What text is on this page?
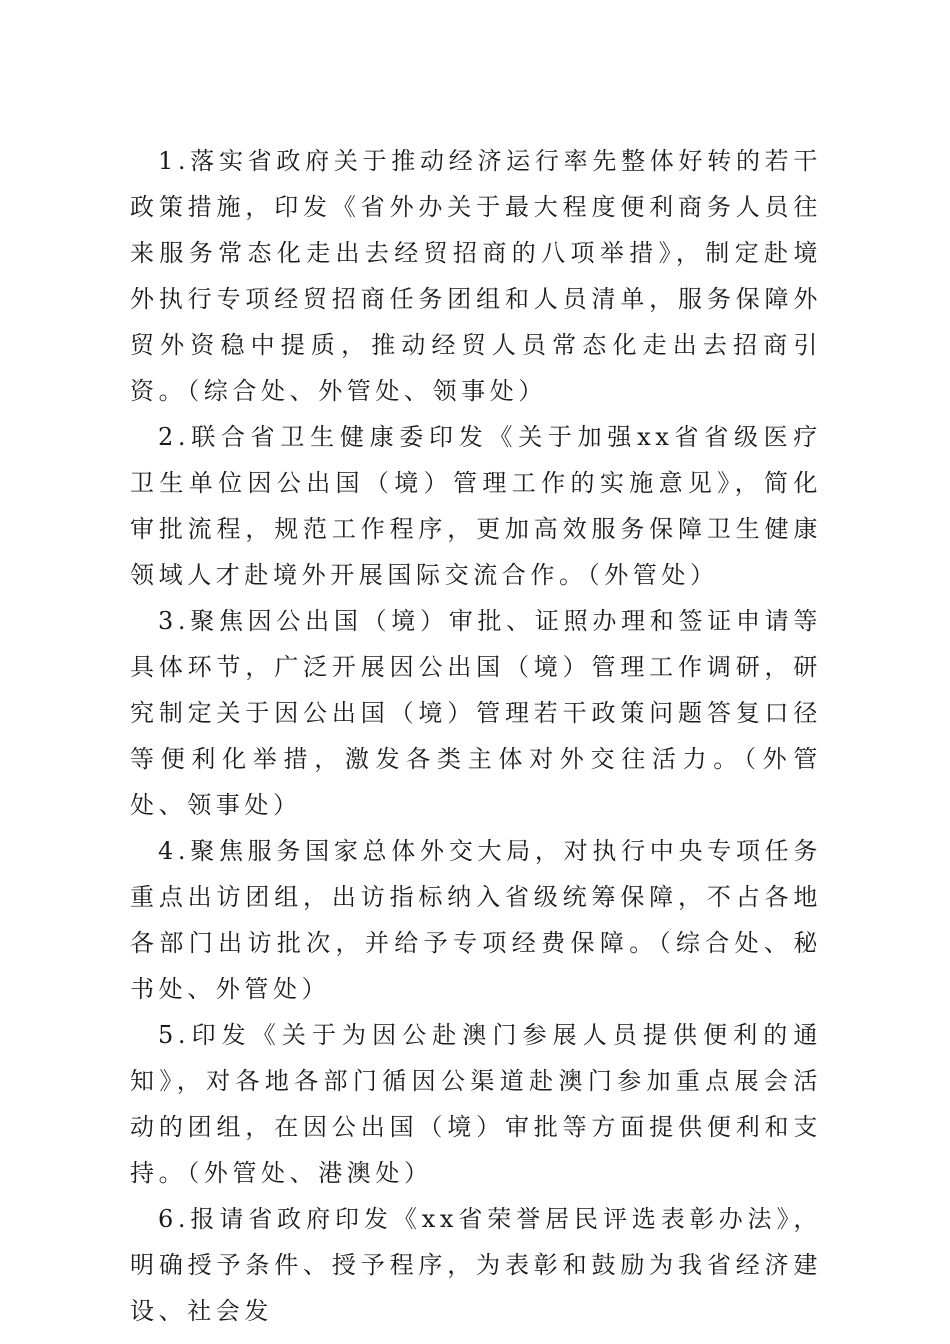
1.落实省政府关于推动经济运行率先整体好转的若干政策措施，印发《省外办关于最大程度便利商务人员往来服务常态化走出去经贸招商的八项举措》，制定赴境外执行专项经贸招商任务团组和人员清单，服务保障外贸外资稳中提质，推动经贸人员常态化走出去招商引资。（综合处、外管处、领事处）

2.联合省卫生健康委印发《关于加强xx省省级医疗卫生单位因公出国（境）管理工作的实施意见》，简化审批流程，规范工作程序，更加高效服务保障卫生健康领域人才赴境外开展国际交流合作。（外管处）

3.聚焦因公出国（境）审批、证照办理和签证申请等具体环节，广泛开展因公出国（境）管理工作调研，研究制定关于因公出国（境）管理若干政策问题答复口径等便利化举措，激发各类主体对外交往活力。（外管处、领事处）

4.聚焦服务国家总体外交大局，对执行中央专项任务重点出访团组，出访指标纳入省级统筹保障，不占各地各部门出访批次，并给予专项经费保障。（综合处、秘书处、外管处）

5.印发《关于为因公赴澳门参展人员提供便利的通知》，对各地各部门循因公渠道赴澳门参加重点展会活动的团组，在因公出国（境）审批等方面提供便利和支持。（外管处、港澳处）

6.报请省政府印发《xx省荣誉居民评选表彰办法》，明确授予条件、授予程序，为表彰和鼓励为我省经济建设、社会发
